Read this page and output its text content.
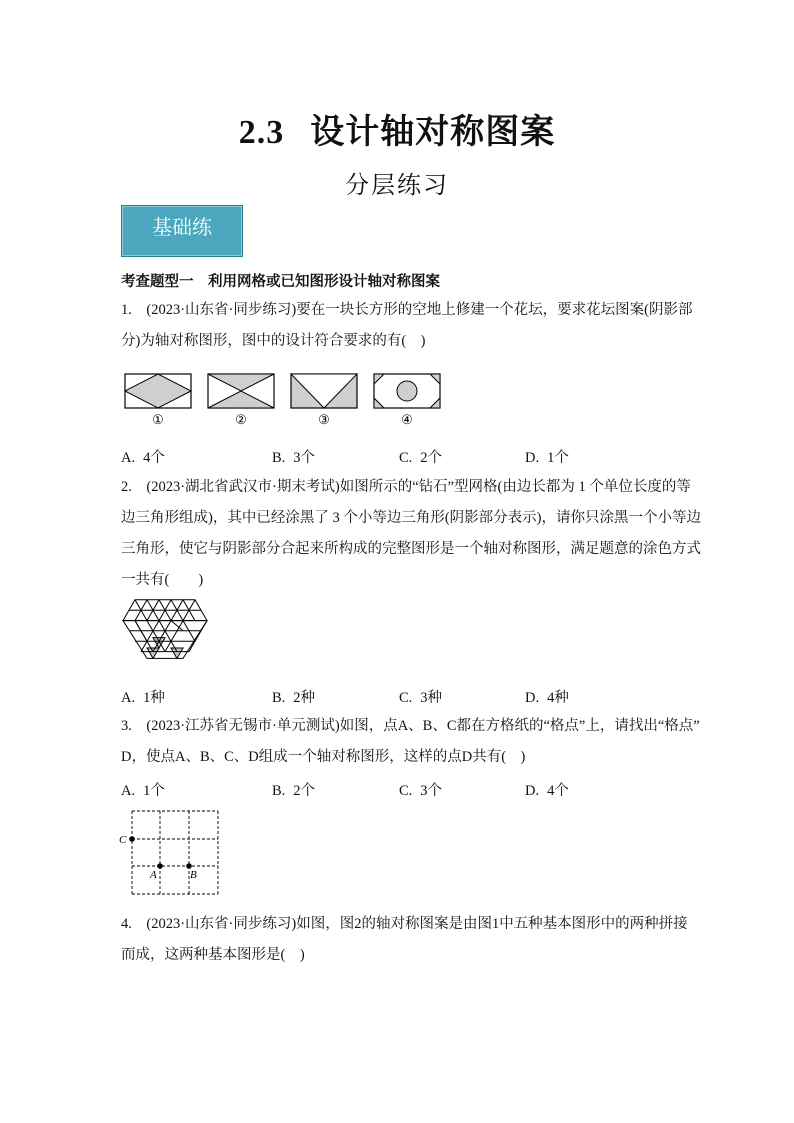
2.3 设计轴对称图案
分层练习
基础练
考查题型一　利用网格或已知图形设计轴对称图案
1.　(2023·山东省·同步练习)要在一块长方形的空地上修建一个花坛，要求花坛图案(阴影部
分)为轴对称图形，图中的设计符合要求的有(　)
①	②	③	④
A. 4个	B. 3个	C. 2个	D. 1个
2.　(2023·湖北省武汉市·期末考试)如图所示的“钻石”型网格(由边长都为 1 个单位长度的等
边三角形组成)，其中已经涂黑了 3 个小等边三角形(阴影部分表示)，请你只涂黑一个小等边
三角形，使它与阴影部分合起来所构成的完整图形是一个轴对称图形，满足题意的涂色方式
一共有(　　)
A. 1种	B. 2种	C. 3种	D. 4种
3.　(2023·江苏省无锡市·单元测试)如图，点A、B、C都在方格纸的“格点”上，请找出“格点”
D，使点A、B、C、D组成一个轴对称图形，这样的点D共有(　)
A. 1个	B. 2个	C. 3个	D. 4个
C
A	B
4.　(2023·山东省·同步练习)如图，图2的轴对称图案是由图1中五种基本图形中的两种拼接
而成，这两种基本图形是(　)
